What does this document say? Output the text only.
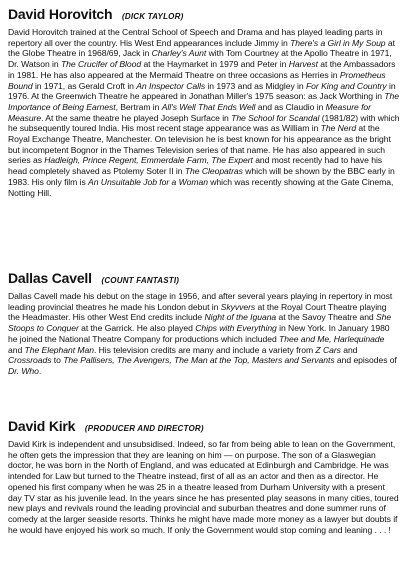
David Horovitch (DICK TAYLOR)

David Horovitch trained at the Central School of Speech and Drama and has played leading parts in repertory all over the country. His West End appearances include Jimmy in There's a Girl in My Soup at the Globe Theatre in 1968/69, Jack in Charley's Aunt with Tom Courtney at the Apollo Theatre in 1971, Dr. Watson in The Crucifer of Blood at the Haymarket in 1979 and Peter in Harvest at the Ambassadors in 1981. He has also appeared at the Mermaid Theatre on three occasions as Herries in Prometheus Bound in 1971, as Gerald Croft in An Inspector Calls in 1973 and as Midgley in For King and Country in 1976. At the Greenwich Theatre he appeared in Jonathan Miller's 1975 season: as Jack Worthing in The Importance of Being Earnest, Bertram in All's Well That Ends Well and as Claudio in Measure for Measure. At the same theatre he played Joseph Surface in The School for Scandal (1981/82) with which he subsequently toured India. His most recent stage appearance was as William in The Nerd at the Royal Exchange Theatre, Manchester. On television he is best known for his appearance as the bright but incompetent Bognor in the Thames Television series of that name. He has also appeared in such series as Hadleigh, Prince Regent, Emmerdale Farm, The Expert and most recently had to have his head completely shaved as Ptolemy Soter II in The Cleopatras which will be shown by the BBC early in 1983. His only film is An Unsuitable Job for a Woman which was recently showing at the Gate Cinema, Notting Hill.

Dallas Cavell (COUNT FANTASTI)

Dallas Cavell made his debut on the stage in 1956, and after several years playing in repertory in most leading provincial theatres he made his London debut in Skyvvers at the Royal Court Theatre playing the Headmaster. His other West End credits include Night of the Iguana at the Savoy Theatre and She Stoops to Conquer at the Garrick. He also played Chips with Everything in New York. In January 1980 he joined the National Theatre Company for productions which included Thee and Me, Harlequinade and The Elephant Man. His television credits are many and include a variety from Z Cars and Crossroads to The Pallisers, The Avengers, The Man at the Top, Masters and Servants and episodes of Dr. Who.

David Kirk (PRODUCER AND DIRECTOR)

David Kirk is independent and unsubsidised. Indeed, so far from being able to lean on the Government, he often gets the impression that they are leaning on him — on purpose. The son of a Glaswegian doctor, he was born in the North of England, and was educated at Edinburgh and Cambridge. He was intended for Law but turned to the Theatre instead, first of all as an actor and then as a director. He opened his first company when he was 25 in a theatre leased from Durham University with a present day TV star as his juvenile lead. In the years since he has presented play seasons in many cities, toured new plays and revivals round the leading provincial and suburban theatres and done summer runs of comedy at the larger seaside resorts. Thinks he might have made more money as a lawyer but doubts if he would have enjoyed his work so much. If only the Government would stop coming and leaning . . . !
